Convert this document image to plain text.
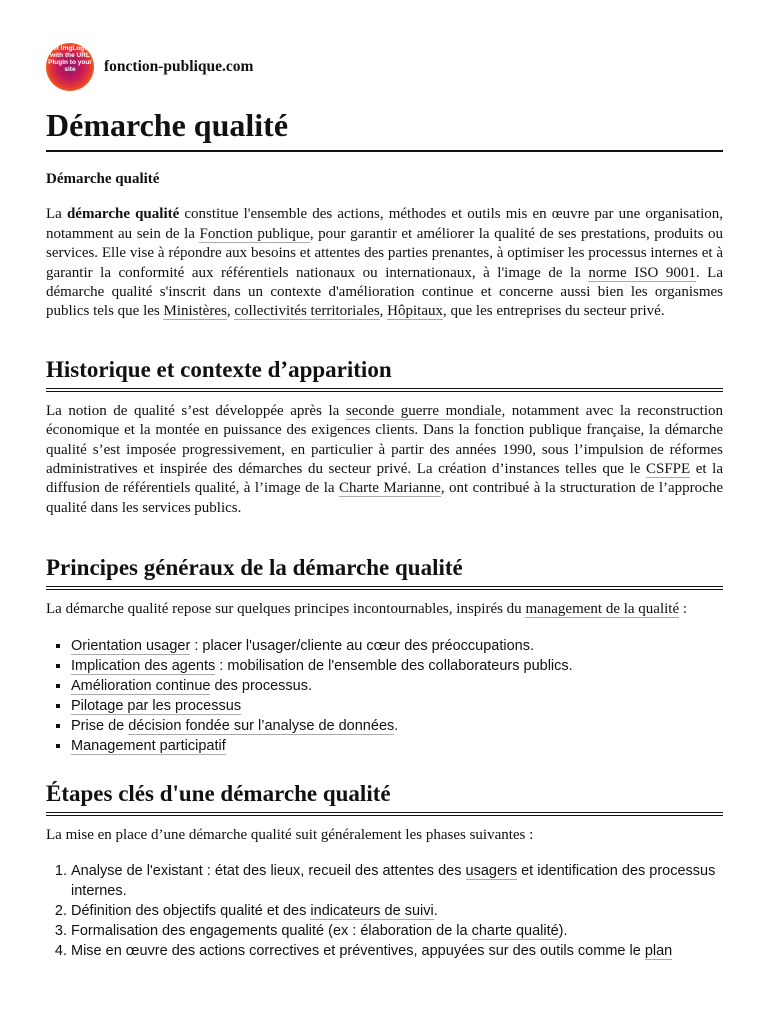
Get ImgLogos with the URL Plugin to your site	fonction-publique.com
Démarche qualité

Démarche qualité

La démarche qualité constitue l'ensemble des actions, méthodes et outils mis en œuvre par une organisation, notamment au sein de la Fonction publique, pour garantir et améliorer la qualité de ses prestations, produits ou services. Elle vise à répondre aux besoins et attentes des parties prenantes, à optimiser les processus internes et à garantir la conformité aux référentiels nationaux ou internationaux, à l'image de la norme ISO 9001. La démarche qualité s'inscrit dans un contexte d'amélioration continue et concerne aussi bien les organismes publics tels que les Ministères, collectivités territoriales, Hôpitaux, que les entreprises du secteur privé.

Historique et contexte d’apparition

La notion de qualité s’est développée après la seconde guerre mondiale, notamment avec la reconstruction économique et la montée en puissance des exigences clients. Dans la fonction publique française, la démarche qualité s’est imposée progressivement, en particulier à partir des années 1990, sous l’impulsion de réformes administratives et inspirée des démarches du secteur privé. La création d’instances telles que le CSFPE et la diffusion de référentiels qualité, à l’image de la Charte Marianne, ont contribué à la structuration de l’approche qualité dans les services publics.

Principes généraux de la démarche qualité

La démarche qualité repose sur quelques principes incontournables, inspirés du management de la qualité :

▪ Orientation usager : placer l'usager/cliente au cœur des préoccupations.
▪ Implication des agents : mobilisation de l'ensemble des collaborateurs publics.
▪ Amélioration continue des processus.
▪ Pilotage par les processus
▪ Prise de décision fondée sur l’analyse de données.
▪ Management participatif
Étapes clés d'une démarche qualité

La mise en place d’une démarche qualité suit généralement les phases suivantes :

1. Analyse de l'existant : état des lieux, recueil des attentes des usagers et identification des processus internes.
2. Définition des objectifs qualité et des indicateurs de suivi.
3. Formalisation des engagements qualité (ex : élaboration de la charte qualité).
4. Mise en œuvre des actions correctives et préventives, appuyées sur des outils comme le plan
